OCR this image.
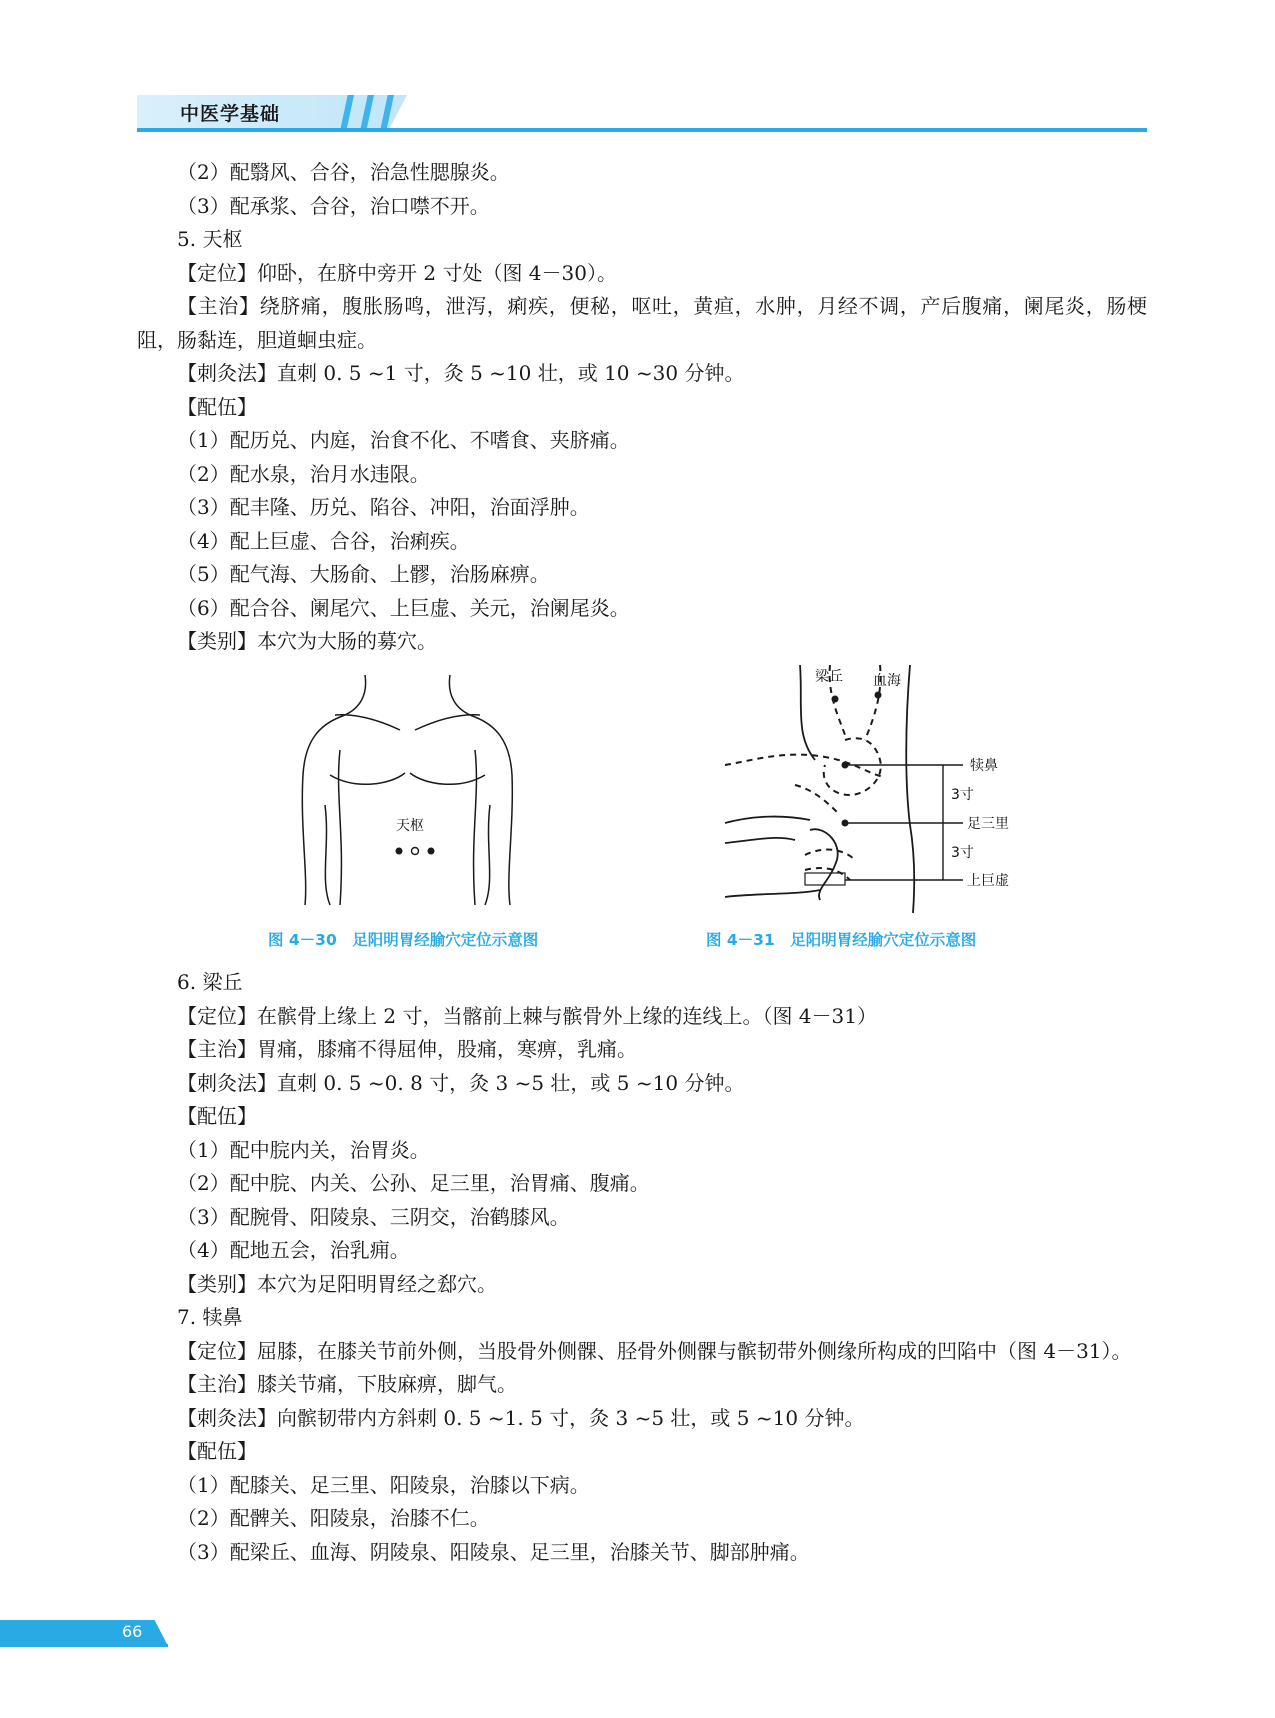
中医学基础
（2）配翳风、合谷，治急性腮腺炎。
（3）配承浆、合谷，治口噤不开。
5. 天枢
【定位】仰卧，在脐中旁开 2 寸处（图 4－30）。
【主治】绕脐痛，腹胀肠鸣，泄泻，痢疾，便秘，呕吐，黄疸，水肿，月经不调，产后腹痛，阑尾炎，肠梗阻，肠黏连，胆道蛔虫症。
【刺灸法】直刺 0. 5 ~1 寸，灸 5 ~10 壮，或 10 ~30 分钟。
【配伍】
（1）配历兑、内庭，治食不化、不嗜食、夹脐痛。
（2）配水泉，治月水违限。
（3）配丰隆、历兑、陷谷、冲阳，治面浮肿。
（4）配上巨虚、合谷，治痢疾。
（5）配气海、大肠俞、上髎，治肠麻痹。
（6）配合谷、阑尾穴、上巨虚、关元，治阑尾炎。
【类别】本穴为大肠的募穴。
天枢
图 4－30　足阳明胃经腧穴定位示意图
梁丘 血海
犊鼻
3寸
足三里
3寸
上巨虚
图 4－31　足阳明胃经腧穴定位示意图
6. 梁丘
【定位】在髌骨上缘上 2 寸，当髂前上棘与髌骨外上缘的连线上。（图 4－31）
【主治】胃痛，膝痛不得屈伸，股痛，寒痹，乳痛。
【刺灸法】直刺 0. 5 ~0. 8 寸，灸 3 ~5 壮，或 5 ~10 分钟。
【配伍】
（1）配中脘内关，治胃炎。
（2）配中脘、内关、公孙、足三里，治胃痛、腹痛。
（3）配腕骨、阳陵泉、三阴交，治鹤膝风。
（4）配地五会，治乳痈。
【类别】本穴为足阳明胃经之郄穴。
7. 犊鼻
【定位】屈膝，在膝关节前外侧，当股骨外侧髁、胫骨外侧髁与髌韧带外侧缘所构成的凹陷中（图 4－31）。
【主治】膝关节痛，下肢麻痹，脚气。
【刺灸法】向髌韧带内方斜刺 0. 5 ~1. 5 寸，灸 3 ~5 壮，或 5 ~10 分钟。
【配伍】
（1）配膝关、足三里、阳陵泉，治膝以下病。
（2）配髀关、阳陵泉，治膝不仁。
（3）配梁丘、血海、阴陵泉、阳陵泉、足三里，治膝关节、脚部肿痛。
66
